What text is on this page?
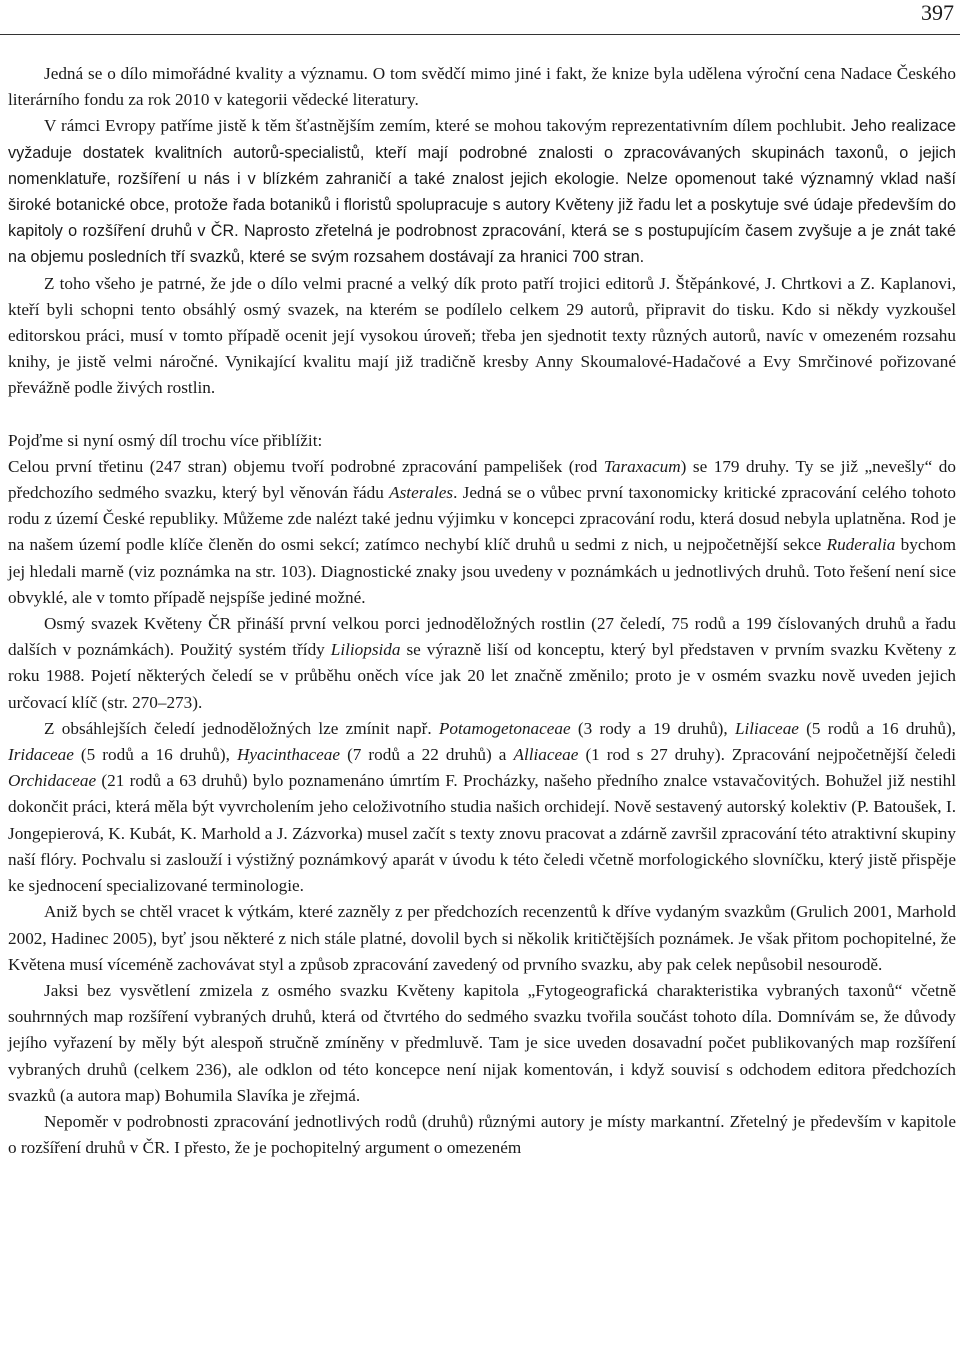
397

Jedná se o dílo mimořádné kvality a významu. O tom svědčí mimo jiné i fakt, že knize byla udělena výroční cena Nadace Českého literárního fondu za rok 2010 v kategorii vědecké literatury.

V rámci Evropy patříme jistě k těm šťastnějším zemím, které se mohou takovým reprezentativním dílem pochlubit. Jeho realizace vyžaduje dostatek kvalitních autorů-specialistů, kteří mají podrobné znalosti o zpracovávaných skupinách taxonů, o jejich nomenklatuře, rozšíření u nás i v blízkém zahraničí a také znalost jejich ekologie. Nelze opomenout také významný vklad naší široké botanické obce, protože řada botaniků i floristů spolupracuje s autory Květeny již řadu let a poskytuje své údaje především do kapitoly o rozšíření druhů v ČR. Naprosto zřetelná je podrobnost zpracování, která se s postupujícím časem zvyšuje a je znát také na objemu posledních tří svazků, které se svým rozsahem dostávají za hranici 700 stran.

Z toho všeho je patrné, že jde o dílo velmi pracné a velký dík proto patří trojici editorů J. Štěpánkové, J. Chrtkovi a Z. Kaplanovi, kteří byli schopni tento obsáhlý osmý svazek, na kterém se podílelo celkem 29 autorů, připravit do tisku. Kdo si někdy vyzkoušel editorskou práci, musí v tomto případě ocenit její vysokou úroveň; třeba jen sjednotit texty různých autorů, navíc v omezeném rozsahu knihy, je jistě velmi náročné. Vynikající kvalitu mají již tradičně kresby Anny Skoumalové-Hadačové a Evy Smrčinové pořizované převážně podle živých rostlin.

Pojďme si nyní osmý díl trochu více přiblížit:

Celou první třetinu (247 stran) objemu tvoří podrobné zpracování pampelišek (rod Taraxacum) se 179 druhy. Ty se již „nevešly“ do předchozího sedmého svazku, který byl věnován řádu Asterales. Jedná se o vůbec první taxonomicky kritické zpracování celého tohoto rodu z území České republiky. Můžeme zde nalézt také jednu výjimku v koncepci zpracování rodu, která dosud nebyla uplatněna. Rod je na našem území podle klíče členěn do osmi sekcí; zatímco nechybí klíč druhů u sedmi z nich, u nejpočetnější sekce Ruderalia bychom jej hledali marně (viz poznámka na str. 103). Diagnostické znaky jsou uvedeny v poznámkách u jednotlivých druhů. Toto řešení není sice obvyklé, ale v tomto případě nejspíše jediné možné.

Osmý svazek Květeny ČR přináší první velkou porci jednoděložných rostlin (27 čeledí, 75 rodů a 199 číslovaných druhů a řadu dalších v poznámkách). Použitý systém třídy Liliopsida se výrazně liší od konceptu, který byl představen v prvním svazku Květeny z roku 1988. Pojetí některých čeledí se v průběhu oněch více jak 20 let značně změnilo; proto je v osmém svazku nově uveden jejich určovací klíč (str. 270–273).

Z obsáhlejších čeledí jednoděložných lze zmínit např. Potamogetonaceae (3 rody a 19 druhů), Liliaceae (5 rodů a 16 druhů), Iridaceae (5 rodů a 16 druhů), Hyacinthaceae (7 rodů a 22 druhů) a Alliaceae (1 rod s 27 druhy). Zpracování nejpočetnější čeledi Orchidaceae (21 rodů a 63 druhů) bylo poznamenáno úmrtím F. Procházky, našeho předního znalce vstavačovitých. Bohužel již nestihl dokončit práci, která měla být vyvrcholením jeho celoživotního studia našich orchidejí. Nově sestavený autorský kolektiv (P. Batoušek, I. Jongepierová, K. Kubát, K. Marhold a J. Zázvorka) musel začít s texty znovu pracovat a zdárně završil zpracování této atraktivní skupiny naší flóry. Pochvalu si zaslouží i výstižný poznámkový aparát v úvodu k této čeledi včetně morfologického slovníčku, který jistě přispěje ke sjednocení specializované terminologie.

Aniž bych se chtěl vracet k výtkám, které zazněly z per předchozích recenzentů k dříve vydaným svazkům (Grulich 2001, Marhold 2002, Hadinec 2005), byť jsou některé z nich stále platné, dovolil bych si několik kritičtějších poznámek. Je však přitom pochopitelné, že Květena musí víceméně zachovávat styl a způsob zpracování zavedený od prvního svazku, aby pak celek nepůsobil nesourodě.

Jaksi bez vysvětlení zmizela z osmého svazku Květeny kapitola „Fytogeografická charakteristika vybraných taxonů“ včetně souhrnných map rozšíření vybraných druhů, která od čtvrtého do sedmého svazku tvořila součást tohoto díla. Domnívám se, že důvody jejího vyřazení by měly být alespoň stručně zmíněny v předmluvě. Tam je sice uveden dosavadní počet publikovaných map rozšíření vybraných druhů (celkem 236), ale odklon od této koncepce není nijak komentován, i když souvisí s odchodem editora předchozích svazků (a autora map) Bohumila Slavíka je zřejmá.

Nepoměr v podrobnosti zpracování jednotlivých rodů (druhů) různými autory je místy markantní. Zřetelný je především v kapitole o rozšíření druhů v ČR. I přesto, že je pochopitelný argument o omezeném
